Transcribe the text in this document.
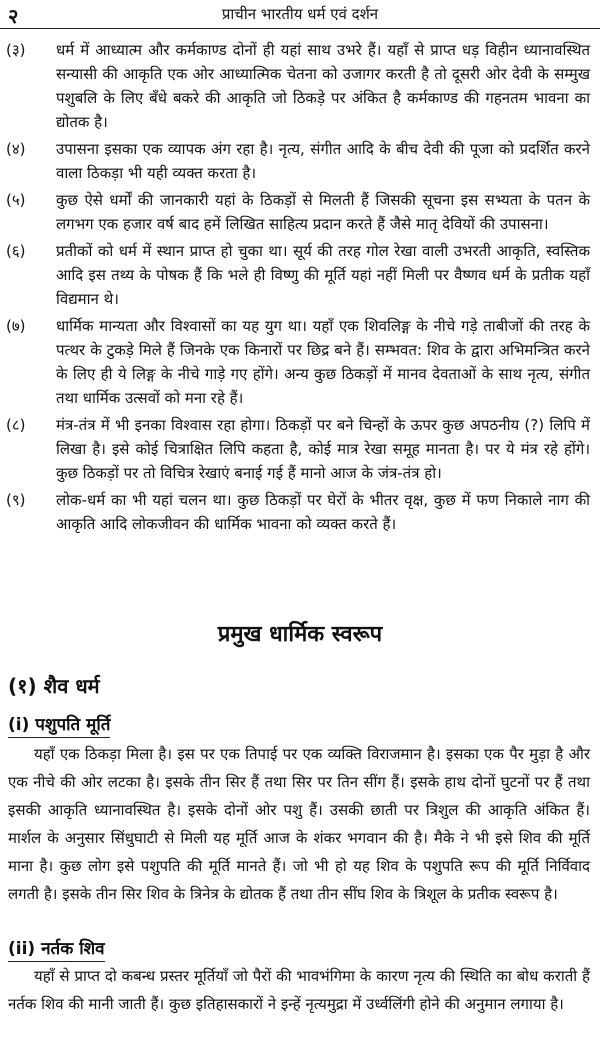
२	प्राचीन भारतीय धर्म एवं दर्शन
(३)	धर्म में आध्यात्म और कर्मकाण्ड दोनों ही यहां साथ उभरे हैं। यहाँ से प्राप्त धड़ विहीन ध्यानावस्थित सन्यासी की आकृति एक ओर आध्यात्मिक चेतना को उजागर करती है तो दूसरी ओर देवी के सम्मुख पशुबलि के लिए बँधे बकरे की आकृति जो ठिकड़े पर अंकित है कर्मकाण्ड की गहनतम भावना का द्योतक है।
(४)	उपासना इसका एक व्यापक अंग रहा है। नृत्य, संगीत आदि के बीच देवी की पूजा को प्रदर्शित करने वाला ठिकड़ा भी यही व्यक्त करता है।
(५)	कुछ ऐसे धर्मों की जानकारी यहां के ठिकड़ों से मिलती हैं जिसकी सूचना इस सभ्यता के पतन के लगभग एक हजार वर्ष बाद हमें लिखित साहित्य प्रदान करते हैं जैसे मातृ देवियों की उपासना।
(६)	प्रतीकों को धर्म में स्थान प्राप्त हो चुका था। सूर्य की तरह गोल रेखा वाली उभरती आकृति, स्वस्तिक आदि इस तथ्य के पोषक हैं कि भले ही विष्णु की मूर्ति यहां नहीं मिली पर वैष्णव धर्म के प्रतीक यहाँ विद्यमान थे।
(७)	धार्मिक मान्यता और विश्वासों का यह युग था। यहाँ एक शिवलिङ्ग के नीचे गड़े ताबीजों की तरह के पत्थर के टुकड़े मिले हैं जिनके एक किनारों पर छिद्र बने हैं। सम्भवत: शिव के द्वारा अभिमन्त्रित करने के लिए ही ये लिङ्ग के नीचे गाड़े गए होंगे। अन्य कुछ ठिकड़ों में मानव देवताओं के साथ नृत्य, संगीत तथा धार्मिक उत्सवों को मना रहे हैं।
(८)	मंत्र-तंत्र में भी इनका विश्वास रहा होगा। ठिकड़ों पर बने चिन्हों के ऊपर कुछ अपठनीय (?) लिपि में लिखा है। इसे कोई चित्राक्षित लिपि कहता है, कोई मात्र रेखा समूह मानता है। पर ये मंत्र रहे होंगे। कुछ ठिकड़ों पर तो विचित्र रेखाएं बनाई गई हैं मानो आज के जंत्र-तंत्र हो।
(९)	लोक-धर्म का भी यहां चलन था। कुछ ठिकड़ों पर घेरों के भीतर वृक्ष, कुछ में फण निकाले नाग की आकृति आदि लोकजीवन की धार्मिक भावना को व्यक्त करते हैं।
प्रमुख धार्मिक स्वरूप
(१) शैव धर्म
(i) पशुपति मूर्ति
यहाँ एक ठिकड़ा मिला है। इस पर एक तिपाई पर एक व्यक्ति विराजमान है। इसका एक पैर मुड़ा है और एक नीचे की ओर लटका है। इसके तीन सिर हैं तथा सिर पर तिन सींग हैं। इसके हाथ दोनों घुटनों पर हैं तथा इसकी आकृति ध्यानावस्थित है। इसके दोनों ओर पशु हैं। उसकी छाती पर त्रिशुल की आकृति अंकित हैं। मार्शल के अनुसार सिंधुघाटी से मिली यह मूर्ति आज के शंकर भगवान की है। मैके ने भी इसे शिव की मूर्ति माना है। कुछ लोग इसे पशुपति की मूर्ति मानते हैं। जो भी हो यह शिव के पशुपति रूप की मूर्ति निर्विवाद लगती है। इसके तीन सिर शिव के त्रिनेत्र के द्योतक हैं तथा तीन सींघ शिव के त्रिशूल के प्रतीक स्वरूप है।
(ii) नर्तक शिव
यहाँ से प्राप्त दो कबन्ध प्रस्तर मूर्तियाँ जो पैरों की भावभंगिमा के कारण नृत्य की स्थिति का बोध कराती हैं नर्तक शिव की मानी जाती हैं। कुछ इतिहासकारों ने इन्हें नृत्यमुद्रा में उर्ध्वलिंगी होने की अनुमान लगाया है।
